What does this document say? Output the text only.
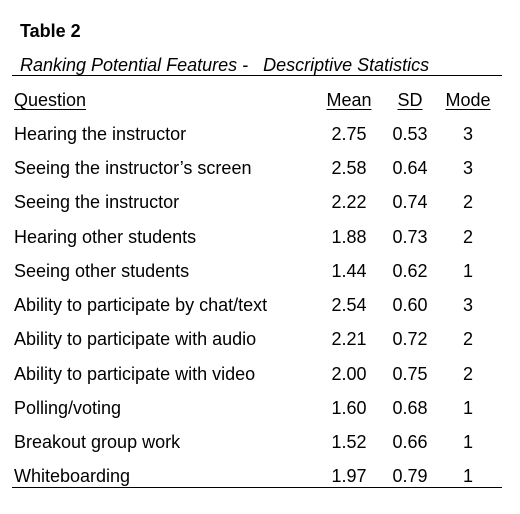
Table 2
Ranking Potential Features -   Descriptive Statistics
Question	Mean	SD	Mode
Hearing the instructor	2.75	0.53	3
Seeing the instructor’s screen	2.58	0.64	3
Seeing the instructor	2.22	0.74	2
Hearing other students	1.88	0.73	2
Seeing other students	1.44	0.62	1
Ability to participate by chat/text	2.54	0.60	3
Ability to participate with audio	2.21	0.72	2
Ability to participate with video	2.00	0.75	2
Polling/voting	1.60	0.68	1
Breakout group work	1.52	0.66	1
Whiteboarding	1.97	0.79	1
